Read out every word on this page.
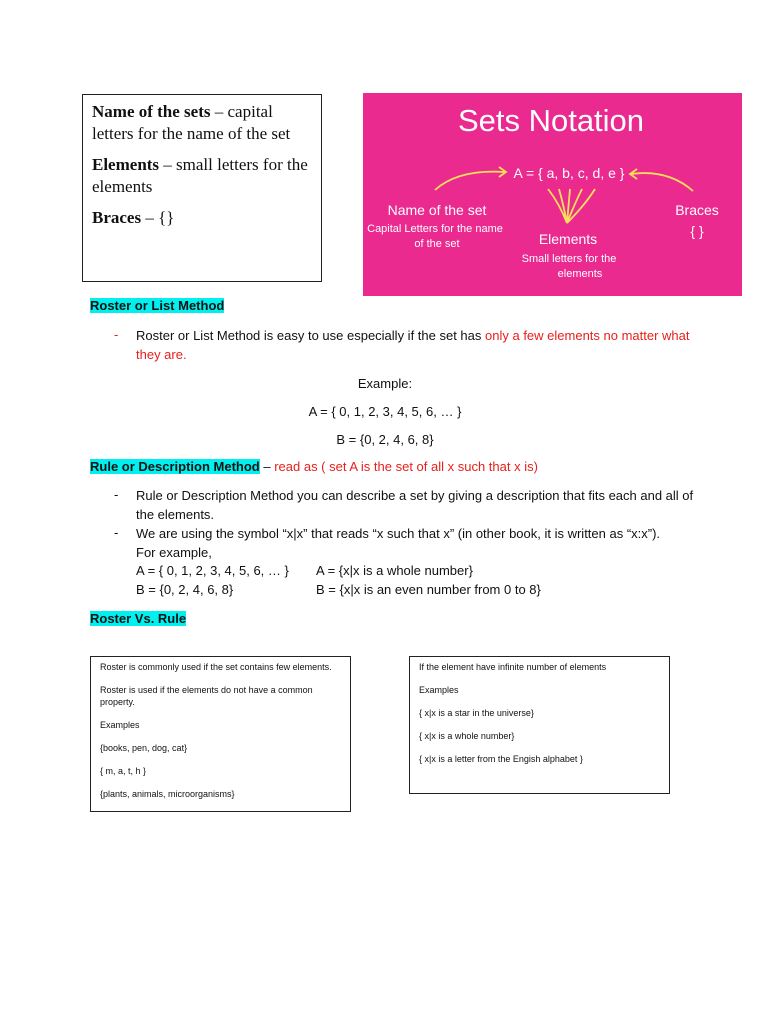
Name of the sets – capital letters for the name of the set

Elements – small letters for the elements

Braces – {}

Sets Notation
A = { a, b, c, d, e }
Name of the set
Capital Letters for the name
of the set	Elements
Small letters for the
elements
Braces
{ }
Roster or List Method
- Roster or List Method is easy to use especially if the set has only a few elements no matter what
they are.
Example:
A = { 0, 1, 2, 3, 4, 5, 6, … }
B = {0, 2, 4, 6, 8}
Rule or Description Method – read as ( set A is the set of all x such that x is)
- Rule or Description Method you can describe a set by giving a description that fits each and all of
the elements.
- We are using the symbol “x|x” that reads “x such that x” (in other book, it is written as “x:x”).
For example,
A = { 0, 1, 2, 3, 4, 5, 6, … }
B = {0, 2, 4, 6, 8}
A = {x|x is a whole number}
B = {x|x is an even number from 0 to 8}
Roster Vs. Rule

Roster is commonly used if the set contains few elements.

Roster is used if the elements do not have a common property.

Examples

{books, pen, dog, cat}

{ m, a, t, h }

{plants, animals, microorganisms}

If the element have infinite number of elements

Examples

{ x|x is a star in the universe}

{ x|x is a whole number}

{ x|x is a letter from the Engish alphabet }
